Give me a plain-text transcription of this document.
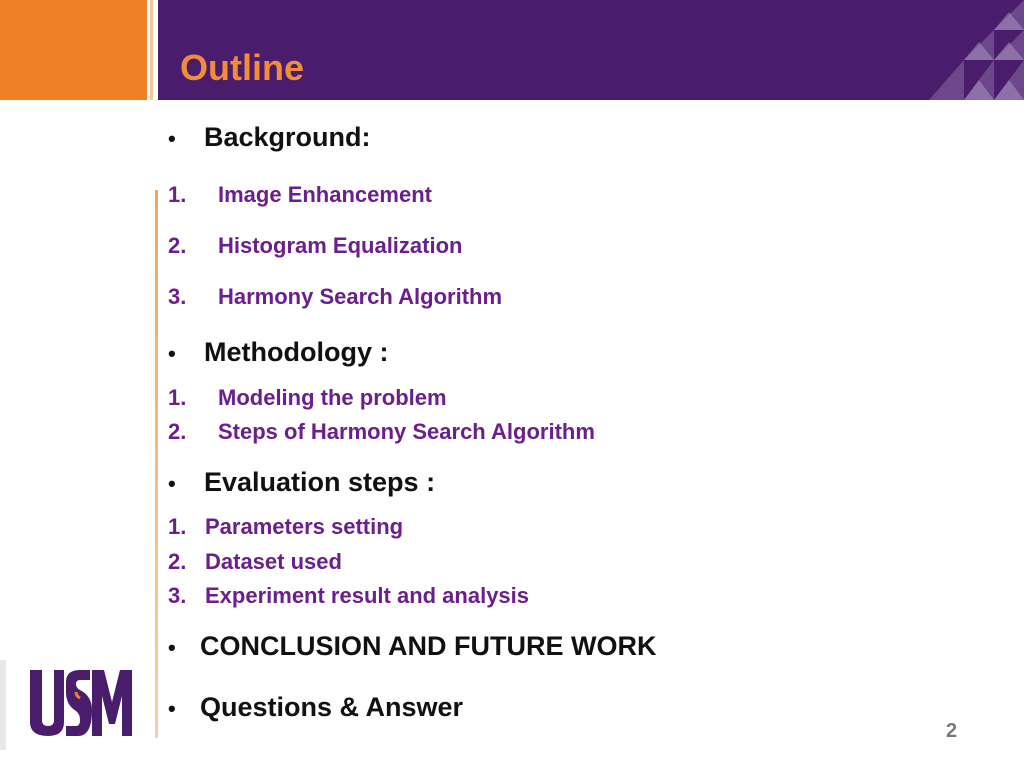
Outline

• Background:

1. Image Enhancement

2. Histogram Equalization

3. Harmony Search Algorithm

• Methodology :

1. Modeling the problem

2. Steps of Harmony Search Algorithm

• Evaluation steps :

1. Parameters setting

2. Dataset used

3. Experiment result and analysis

• CONCLUSION AND FUTURE WORK

• Questions & Answer

2
